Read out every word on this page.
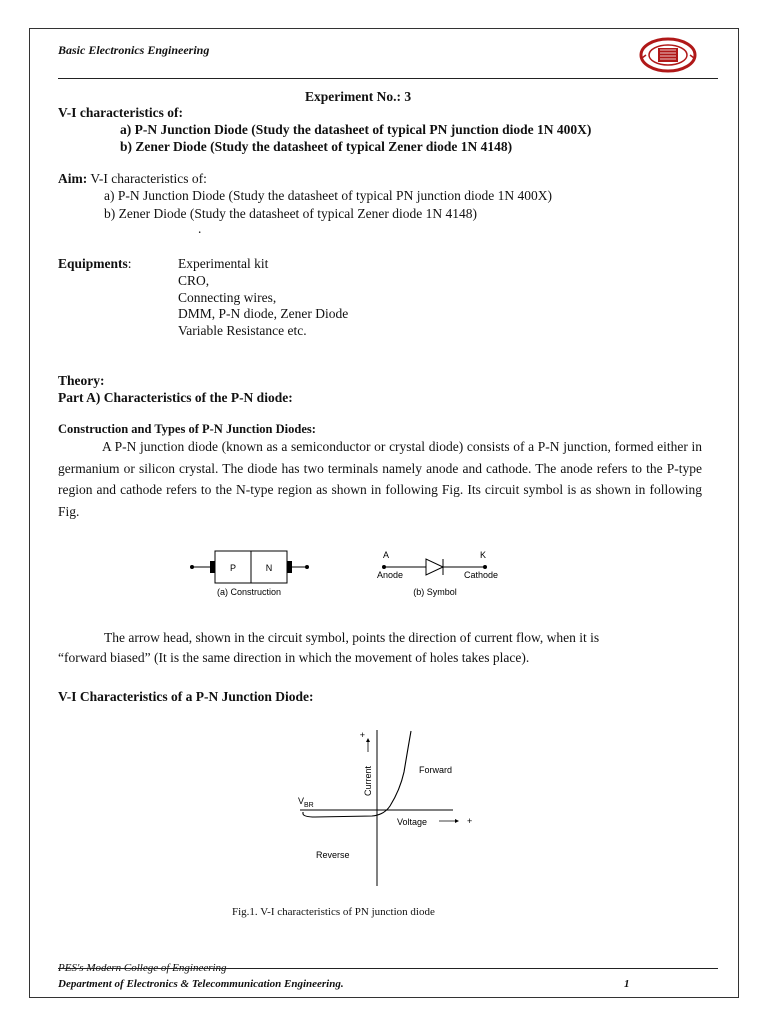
Basic Electronics Engineering
Experiment No.: 3
V-I characteristics of:
a) P-N Junction Diode (Study the datasheet of typical PN junction diode 1N 400X)
b) Zener Diode (Study the datasheet of typical Zener diode 1N 4148)
Aim: V-I characteristics of:
a) P-N Junction Diode (Study the datasheet of typical PN junction diode 1N 400X)
b) Zener Diode (Study the datasheet of typical Zener diode 1N 4148)
.
Equipments:	Experimental kit
CRO,
Connecting wires,
DMM, P-N diode, Zener Diode
Variable Resistance etc.
Theory:
Part A) Characteristics of the P-N diode:
Construction and Types of P-N Junction Diodes:

A P-N junction diode (known as a semiconductor or crystal diode) consists of a P-N junction, formed either in germanium or silicon crystal. The diode has two terminals namely anode and cathode. The anode refers to the P-type region and cathode refers to the N-type region as shown in following Fig. Its circuit symbol is as shown in following Fig.

P	N
(a) Construction
A	K
Anode	Cathode
(b) Symbol
The arrow head, shown in the circuit symbol, points the direction of current flow, when it is
“forward biased” (It is the same direction in which the movement of holes takes place).
V-I Characteristics of a P-N Junction Diode:
Current
+
$V_{BR}$
Forward
Voltage	+
Reverse
Fig.1. V-I characteristics of PN junction diode
PES's Modern College of Engineering
Department of Electronics & Telecommunication Engineering.	1
